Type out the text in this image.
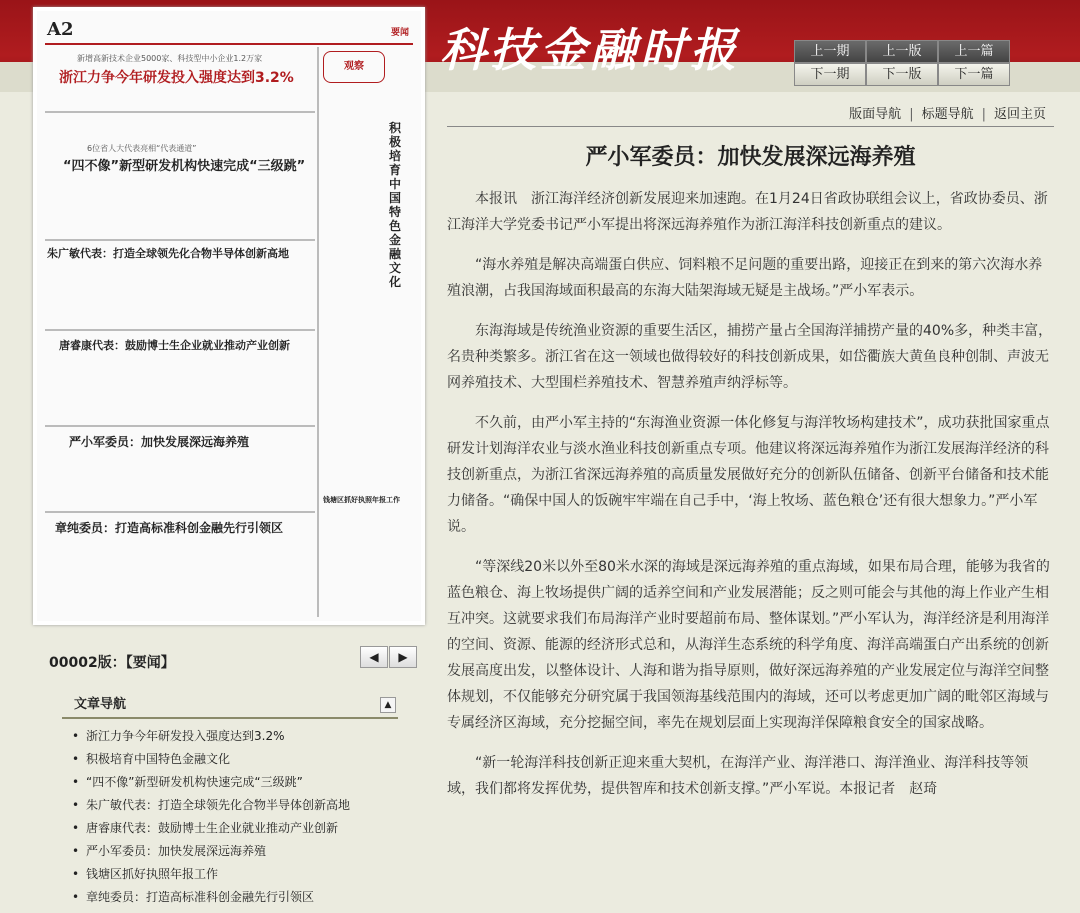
科技金融时报	上一期	上一版	上一篇
下一期	下一版	下一篇
A2	要闻
新增高新技术企业5000家、科技型中小企业1.2万家
浙江力争今年研发投入强度达到3.2%
6位省人大代表亮相“代表通道”
“四不像”新型研发机构快速完成“三级跳”
朱广敏代表：打造全球领先化合物半导体创新高地
唐睿康代表：鼓励博士生企业就业推动产业创新
严小军委员：加快发展深远海养殖
章纯委员：打造高标准科创金融先行引领区
观察
积极培育中国特色金融文化
钱塘区抓好执照年报工作
00002版：【要闻】	◀	▶
文章导航	▲
• 浙江力争今年研发投入强度达到3.2%
• 积极培育中国特色金融文化
• “四不像”新型研发机构快速完成“三级跳”
• 朱广敏代表：打造全球领先化合物半导体创新高地
• 唐睿康代表：鼓励博士生企业就业推动产业创新
• 严小军委员：加快发展深远海养殖
• 钱塘区抓好执照年报工作
• 章纯委员：打造高标准科创金融先行引领区
版面导航 | 标题导航 | 返回主页
严小军委员：加快发展深远海养殖

本报讯　浙江海洋经济创新发展迎来加速跑。在1月24日省政协联组会议上，省政协委员、浙江海洋大学党委书记严小军提出将深远海养殖作为浙江海洋科技创新重点的建议。

“海水养殖是解决高端蛋白供应、饲料粮不足问题的重要出路，迎接正在到来的第六次海水养殖浪潮，占我国海域面积最高的东海大陆架海域无疑是主战场。”严小军表示。

东海海域是传统渔业资源的重要生活区，捕捞产量占全国海洋捕捞产量的40%多，种类丰富，名贵种类繁多。浙江省在这一领域也做得较好的科技创新成果，如岱衢族大黄鱼良种创制、声波无网养殖技术、大型围栏养殖技术、智慧养殖声纳浮标等。

不久前，由严小军主持的“东海渔业资源一体化修复与海洋牧场构建技术”，成功获批国家重点研发计划海洋农业与淡水渔业科技创新重点专项。他建议将深远海养殖作为浙江发展海洋经济的科技创新重点，为浙江省深远海养殖的高质量发展做好充分的创新队伍储备、创新平台储备和技术能力储备。“确保中国人的饭碗牢牢端在自己手中，‘海上牧场、蓝色粮仓’还有很大想象力。”严小军说。

“等深线20米以外至80米水深的海域是深远海养殖的重点海域，如果布局合理，能够为我省的蓝色粮仓、海上牧场提供广阔的适养空间和产业发展潜能；反之则可能会与其他的海上作业产生相互冲突。这就要求我们布局海洋产业时要超前布局、整体谋划。”严小军认为，海洋经济是利用海洋的空间、资源、能源的经济形式总和，从海洋生态系统的科学角度、海洋高端蛋白产出系统的创新发展高度出发，以整体设计、人海和谐为指导原则，做好深远海养殖的产业发展定位与海洋空间整体规划，不仅能够充分研究属于我国领海基线范围内的海域，还可以考虑更加广阔的毗邻区海域与专属经济区海域，充分挖掘空间，率先在规划层面上实现海洋保障粮食安全的国家战略。

“新一轮海洋科技创新正迎来重大契机，在海洋产业、海洋港口、海洋渔业、海洋科技等领域，我们都将发挥优势，提供智库和技术创新支撑。”严小军说。本报记者　赵琦
